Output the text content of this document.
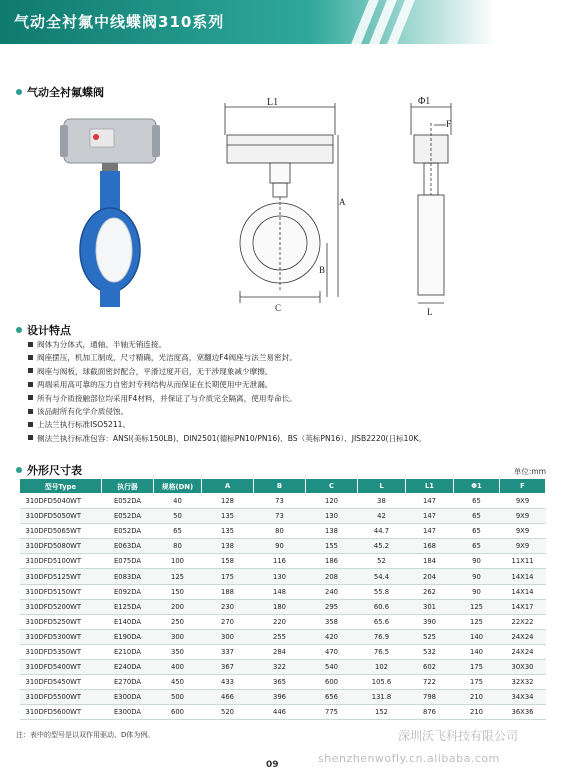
气动全衬氟中线蝶阀310系列
气动全衬氟蝶阀
L1
A
B
C
Φ1
F
L
设计特点
阀体为分体式，通轴、半轴无销连接。
阀座摆压，机加工制成，尺寸精确，光洁度高，宽翻边F4阀座与法兰易密封。
阀座与阀板，球截面密封配合，平滑过度开启，无干涉现象减少摩擦。
两端采用高可靠的压力自密封专利结构从而保证在长期使用中无泄漏。
所有与介质接触部位均采用F4材料，并保证了与介质完全隔离，使用寿命长。
该品耐所有化学介质侵蚀。
上法兰执行标准ISO5211。
侧法兰执行标准包容：ANSI(美标150LB)、DIN2501(德标PN10/PN16)、BS（英标PN16）、JISB2220(日标10K。
外形尺寸表	单位:mm
型号Type	执行器	规格(DN)	A	B	C	L	L1	Φ1	F
310DFD5040WT	E052DA	40	128	73	120	38	147	65	9X9
310DFD5050WT	E052DA	50	135	73	130	42	147	65	9X9
310DFD5065WT	E052DA	65	135	80	138	44.7	147	65	9X9
310DFD5080WT	E063DA	80	138	90	155	45.2	168	65	9X9
310DFD5100WT	E075DA	100	158	116	186	52	184	90	11X11
310DFD5125WT	E083DA	125	175	130	208	54.4	204	90	14X14
310DFD5150WT	E092DA	150	188	148	240	55.8	262	90	14X14
310DFD5200WT	E125DA	200	230	180	295	60.6	301	125	14X17
310DFD5250WT	E140DA	250	270	220	358	65.6	390	125	22X22
310DFD5300WT	E190DA	300	300	255	420	76.9	525	140	24X24
310DFD5350WT	E210DA	350	337	284	470	76.5	532	140	24X24
310DFD5400WT	E240DA	400	367	322	540	102	602	175	30X30
310DFD5450WT	E270DA	450	433	365	600	105.6	722	175	32X32
310DFD5500WT	E300DA	500	466	396	656	131.8	798	210	34X34
310DFD5600WT	E300DA	600	520	446	775	152	876	210	36X36
注：表中的型号是以双作用驱动、D体为例。	深圳沃飞科技有限公司
09	shenzhenwofly.cn.alibaba.com
